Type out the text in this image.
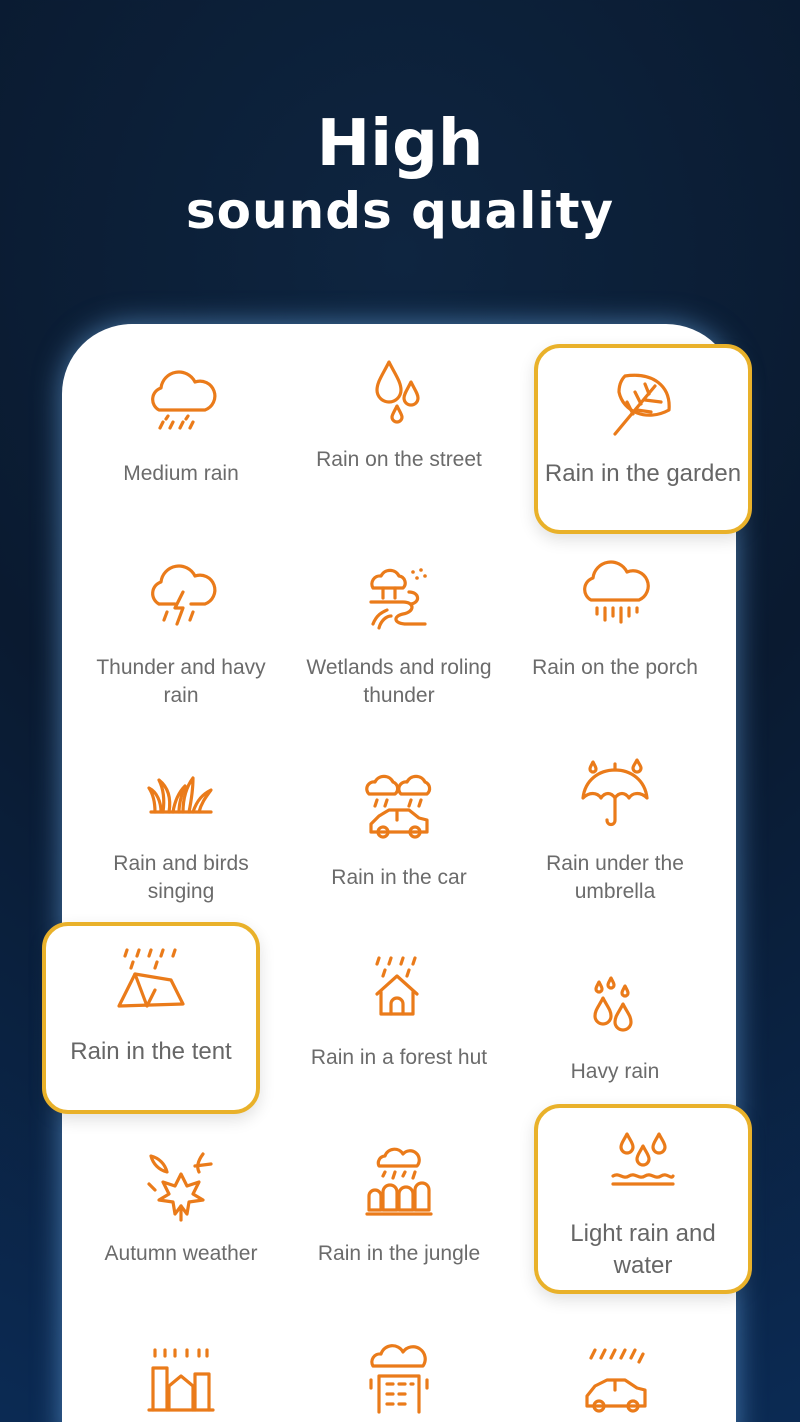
High
sounds quality
Medium rain
Rain on the street
Rain in the garden
Thunder and havy rain
Wetlands and roling thunder
Rain on the porch
Rain and birds singing
Rain in the car
Rain under the umbrella
Rain in the tent	Rain in a forest hut
Havy rain
Autumn weather	Rain in the jungle
Light rain and water
